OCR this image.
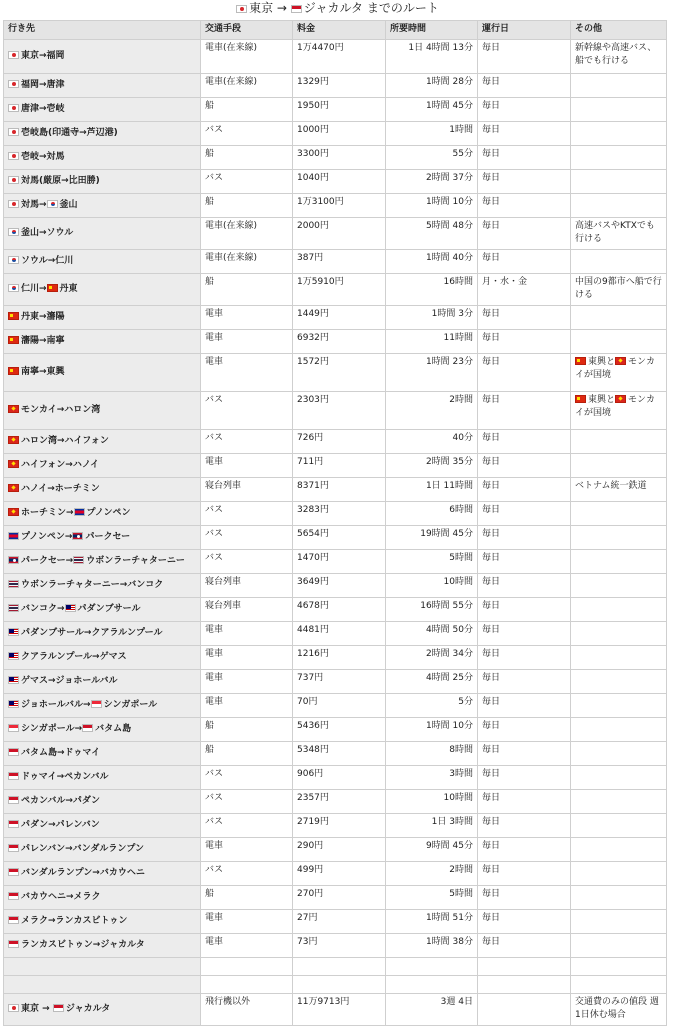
東京 → ジャカルタ までのルート
行き先	交通手段	料金	所要時間	運行日	その他
東京→福岡	電車(在来線)	1万4470円	1日 4時間 13分	毎日	新幹線や高速バス、船でも行ける
福岡→唐津	電車(在来線)	1329円	1時間 28分	毎日	
唐津→壱岐	船	1950円	1時間 45分	毎日	
壱岐島(印通寺→芦辺港)	バス	1000円	1時間	毎日	
壱岐→対馬	船	3300円	55分	毎日	
対馬(厳原→比田勝)	バス	1040円	2時間 37分	毎日	
対馬→ 釜山	船	1万3100円	1時間 10分	毎日	
釜山→ソウル	電車(在来線)	2000円	5時間 48分	毎日	高速バスやKTXでも行ける
ソウル→仁川	電車(在来線)	387円	1時間 40分	毎日	
仁川→ 丹東	船	1万5910円	16時間	月・水・金	中国の9都市へ船で行ける
丹東→瀋陽	電車	1449円	1時間 3分	毎日	
瀋陽→南寧	電車	6932円	11時間	毎日	
南寧→東興	電車	1572円	1時間 23分	毎日	東興と モンカイが国境
モンカイ→ハロン湾	バス	2303円	2時間	毎日	東興と モンカイが国境
ハロン湾→ハイフォン	バス	726円	40分	毎日	
ハイフォン→ハノイ	電車	711円	2時間 35分	毎日	
ハノイ→ホーチミン	寝台列車	8371円	1日 11時間	毎日	ベトナム統一鉄道
ホーチミン→ プノンペン	バス	3283円	6時間	毎日	
プノンペン→ パークセー	バス	5654円	19時間 45分	毎日	
パークセー→ ウボンラーチャターニー	バス	1470円	5時間	毎日	
ウボンラーチャターニー→バンコク	寝台列車	3649円	10時間	毎日	
バンコク→ パダンブサール	寝台列車	4678円	16時間 55分	毎日	
パダンブサール→クアラルンプール	電車	4481円	4時間 50分	毎日	
クアラルンプール→ゲマス	電車	1216円	2時間 34分	毎日	
ゲマス→ジョホールバル	電車	737円	4時間 25分	毎日	
ジョホールバル→ シンガポール	電車	70円	5分	毎日	
シンガポール→ バタム島	船	5436円	1時間 10分	毎日	
バタム島→ドゥマイ	船	5348円	8時間	毎日	
ドゥマイ→ペカンバル	バス	906円	3時間	毎日	
ペカンバル→パダン	バス	2357円	10時間	毎日	
パダン→パレンバン	バス	2719円	1日 3時間	毎日	
パレンバン→バンダルランプン	電車	290円	9時間 45分	毎日	
バンダルランプン→バカウヘニ	バス	499円	2時間	毎日	
バカウヘニ→メラク	船	270円	5時間	毎日	
メラク→ランカスビトゥン	電車	27円	1時間 51分	毎日	
ランカスビトゥン→ジャカルタ	電車	73円	1時間 38分	毎日	

東京 → ジャカルタ	飛行機以外	11万9713円	3週 4日		交通費のみの値段 週1日休む場合
